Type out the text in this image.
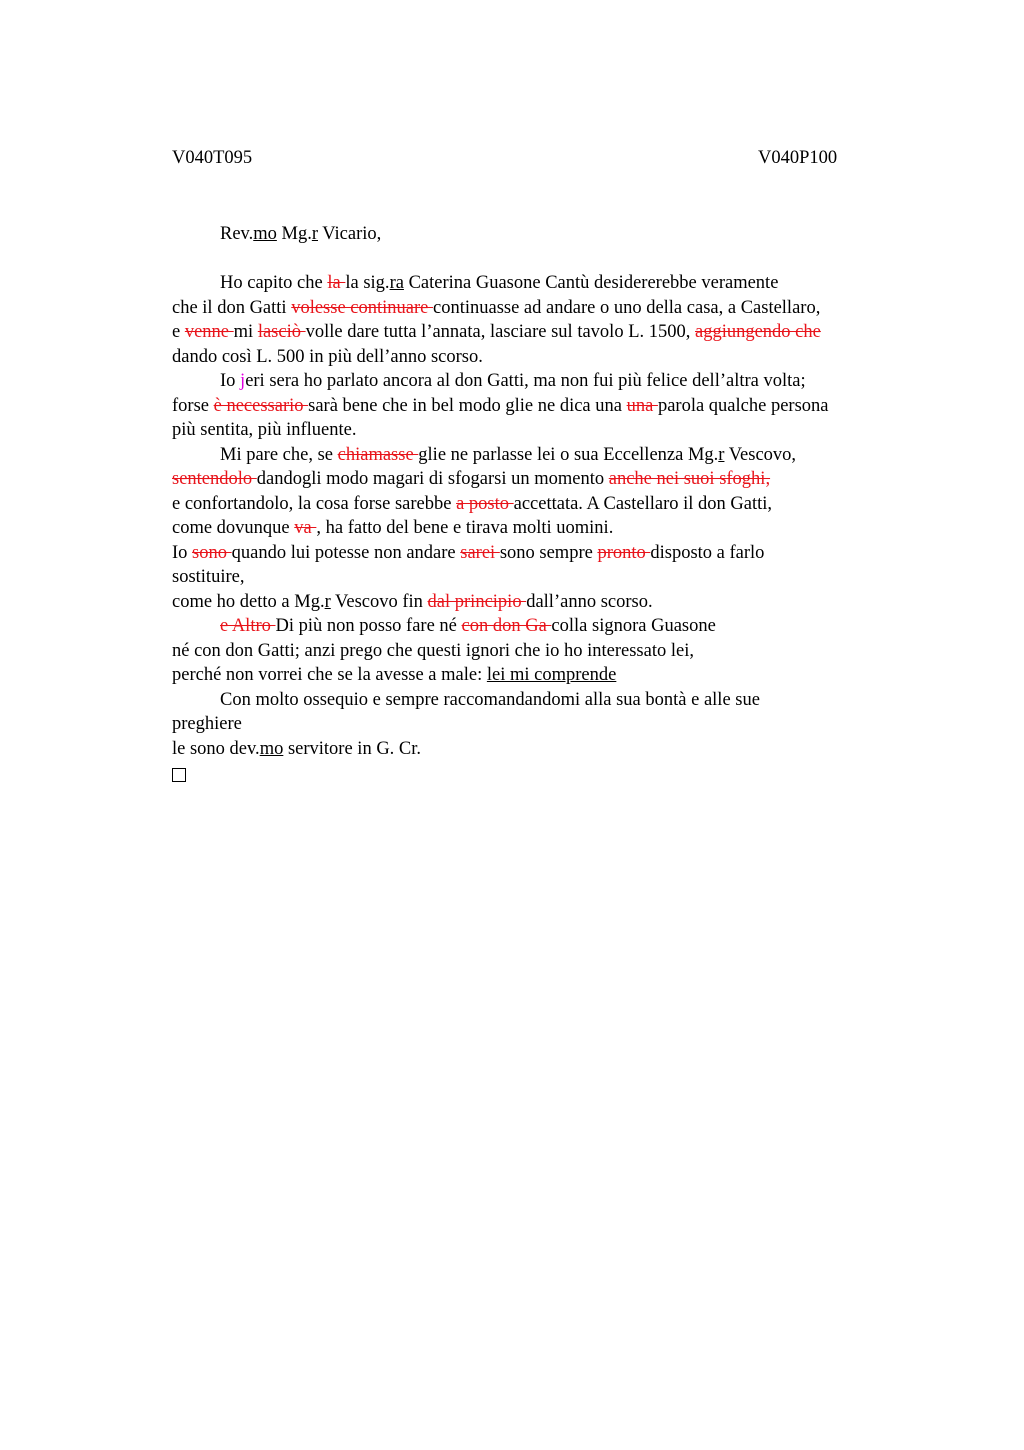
V040T095	V040P100
Rev.mo Mg.r Vicario,
Ho capito che la la sig.ra Caterina Guasone Cantù desidererebbe veramente
che il don Gatti volesse continuare continuasse ad andare o uno della casa, a Castellaro,
e venne mi lasciò volle dare tutta l’annata, lasciare sul tavolo L. 1500, aggiungendo che
dando così L. 500 in più dell’anno scorso.
Io jeri sera ho parlato ancora al don Gatti, ma non fui più felice dell’altra volta;
forse è necessario sarà bene che in bel modo glie ne dica una una parola qualche persona
più sentita, più influente.
Mi pare che, se chiamasse glie ne parlasse lei o sua Eccellenza Mg.r Vescovo,
sentendolo dandogli modo magari di sfogarsi un momento anche nei suoi sfoghi,
e confortandolo, la cosa forse sarebbe a posto accettata. A Castellaro il don Gatti,
come dovunque va , ha fatto del bene e tirava molti uomini.
Io sono quando lui potesse non andare sarei sono sempre pronto disposto a farlo
sostituire,
come ho detto a Mg.r Vescovo fin dal principio dall’anno scorso.
e Altro Di più non posso fare né con don Ga colla signora Guasone
né con don Gatti; anzi prego che questi ignori che io ho interessato lei,
perché non vorrei che se la avesse a male: lei mi comprende
Con molto ossequio e sempre raccomandandomi alla sua bontà e alle sue
preghiere
le sono dev.mo servitore in G. Cr.
